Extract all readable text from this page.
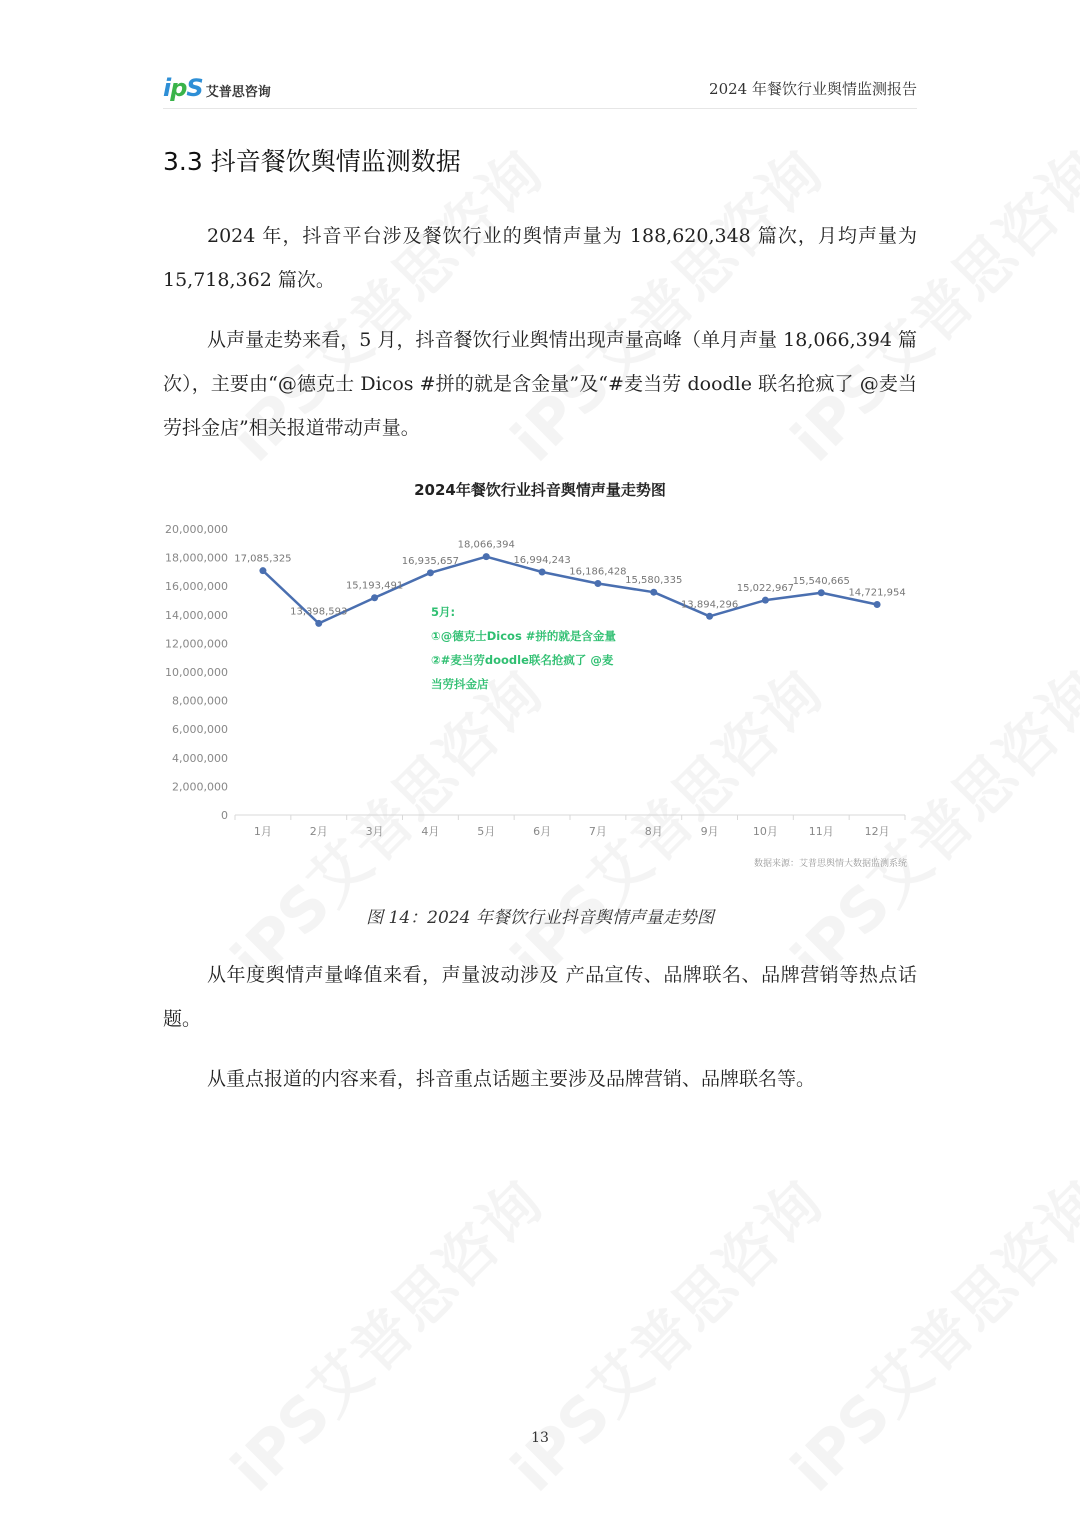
ipS 艾普思咨询	2024 年餐饮行业舆情监测报告
3.3 抖音餐饮舆情监测数据

2024 年，抖音平台涉及餐饮行业的舆情声量为 188,620,348 篇次，月均声量为 15,718,362 篇次。

从声量走势来看，5 月，抖音餐饮行业舆情出现声量高峰（单月声量 18,066,394 篇次），主要由“@德克士 Dicos #拼的就是含金量”及“#麦当劳 doodle 联名抢疯了 @麦当劳抖金店”相关报道带动声量。

2024年餐饮行业抖音舆情声量走势图
0
2,000,000
4,000,000
6,000,000
8,000,000
10,000,000
12,000,000
14,000,000
16,000,000
18,000,000
20,000,000
1月	2月	3月	4月	5月	6月	7月	8月	9月	10月	11月	12月
17,085,325
13,398,593
15,193,491
16,935,657
18,066,394
16,994,243
16,186,428
15,580,335
13,894,296
15,022,967
15,540,665
14,721,954
5月:
①@德克士Dicos #拼的就是含金量
②#麦当劳doodle联名抢疯了 @麦
当劳抖金店
数据来源：艾普思舆情大数据监测系统
图 14：2024 年餐饮行业抖音舆情声量走势图

从年度舆情声量峰值来看，声量波动涉及 产品宣传、品牌联名、品牌营销等热点话题。

从重点报道的内容来看，抖音重点话题主要涉及品牌营销、品牌联名等。

13
